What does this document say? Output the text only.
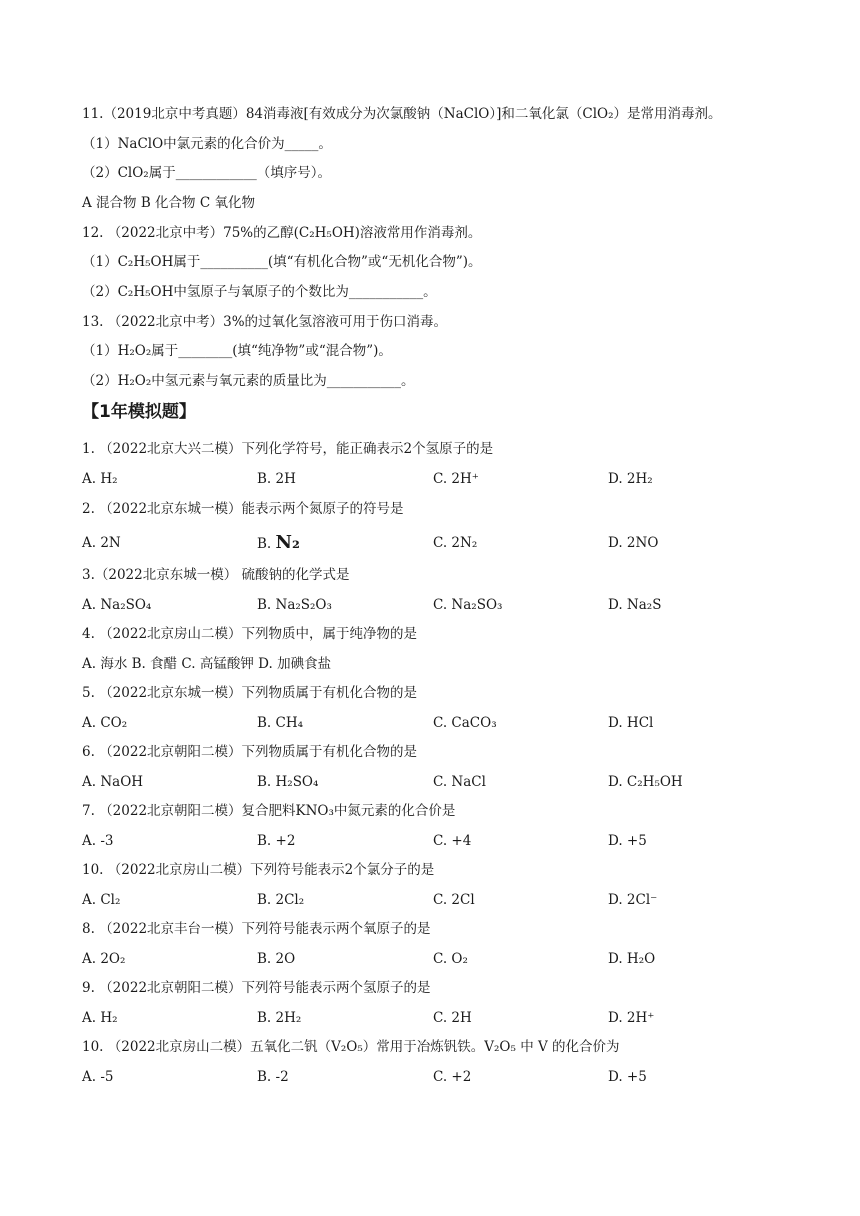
11.（2019北京中考真题）84消毒液[有效成分为次氯酸钠（NaClO）]和二氧化氯（ClO₂）是常用消毒剂。
（1）NaClO中氯元素的化合价为_____。
（2）ClO₂属于____________（填序号）。
A 混合物 B 化合物 C 氧化物
12. （2022北京中考）75%的乙醇(C₂H₅OH)溶液常用作消毒剂。
（1）C₂H₅OH属于__________(填“有机化合物”或“无机化合物”)。
（2）C₂H₅OH中氢原子与氧原子的个数比为___________。
13. （2022北京中考）3%的过氧化氢溶液可用于伤口消毒。
（1）H₂O₂属于________(填“纯净物”或“混合物”)。
（2）H₂O₂中氢元素与氧元素的质量比为___________。
【1年模拟题】
1. （2022北京大兴二模）下列化学符号，能正确表示2个氢原子的是
A. H₂	B. 2H	C. 2H⁺	D. 2H₂
2. （2022北京东城一模）能表示两个氮原子的符号是
A. 2N	B. N₂	C. 2N₂	D. 2NO
3.（2022北京东城一模） 硫酸钠的化学式是
A. Na₂SO₄	B. Na₂S₂O₃	C. Na₂SO₃	D. Na₂S
4. （2022北京房山二模）下列物质中，属于纯净物的是
A. 海水 B. 食醋 C. 高锰酸钾 D. 加碘食盐
5. （2022北京东城一模）下列物质属于有机化合物的是
A. CO₂	B. CH₄	C. CaCO₃	D. HCl
6. （2022北京朝阳二模）下列物质属于有机化合物的是
A. NaOH	B. H₂SO₄	C. NaCl	D. C₂H₅OH
7. （2022北京朝阳二模）复合肥料KNO₃中氮元素的化合价是
A. -3	B. +2	C. +4	D. +5
10. （2022北京房山二模）下列符号能表示2个氯分子的是
A. Cl₂	B. 2Cl₂	C. 2Cl	D. 2Cl⁻
8. （2022北京丰台一模）下列符号能表示两个氧原子的是
A. 2O₂	B. 2O	C. O₂	D. H₂O
9. （2022北京朝阳二模）下列符号能表示两个氢原子的是
A. H₂	B. 2H₂	C. 2H	D. 2H⁺
10. （2022北京房山二模）五氧化二钒（V₂O₅）常用于冶炼钒铁。V₂O₅ 中 V 的化合价为
A. -5	B. -2	C. +2	D. +5
